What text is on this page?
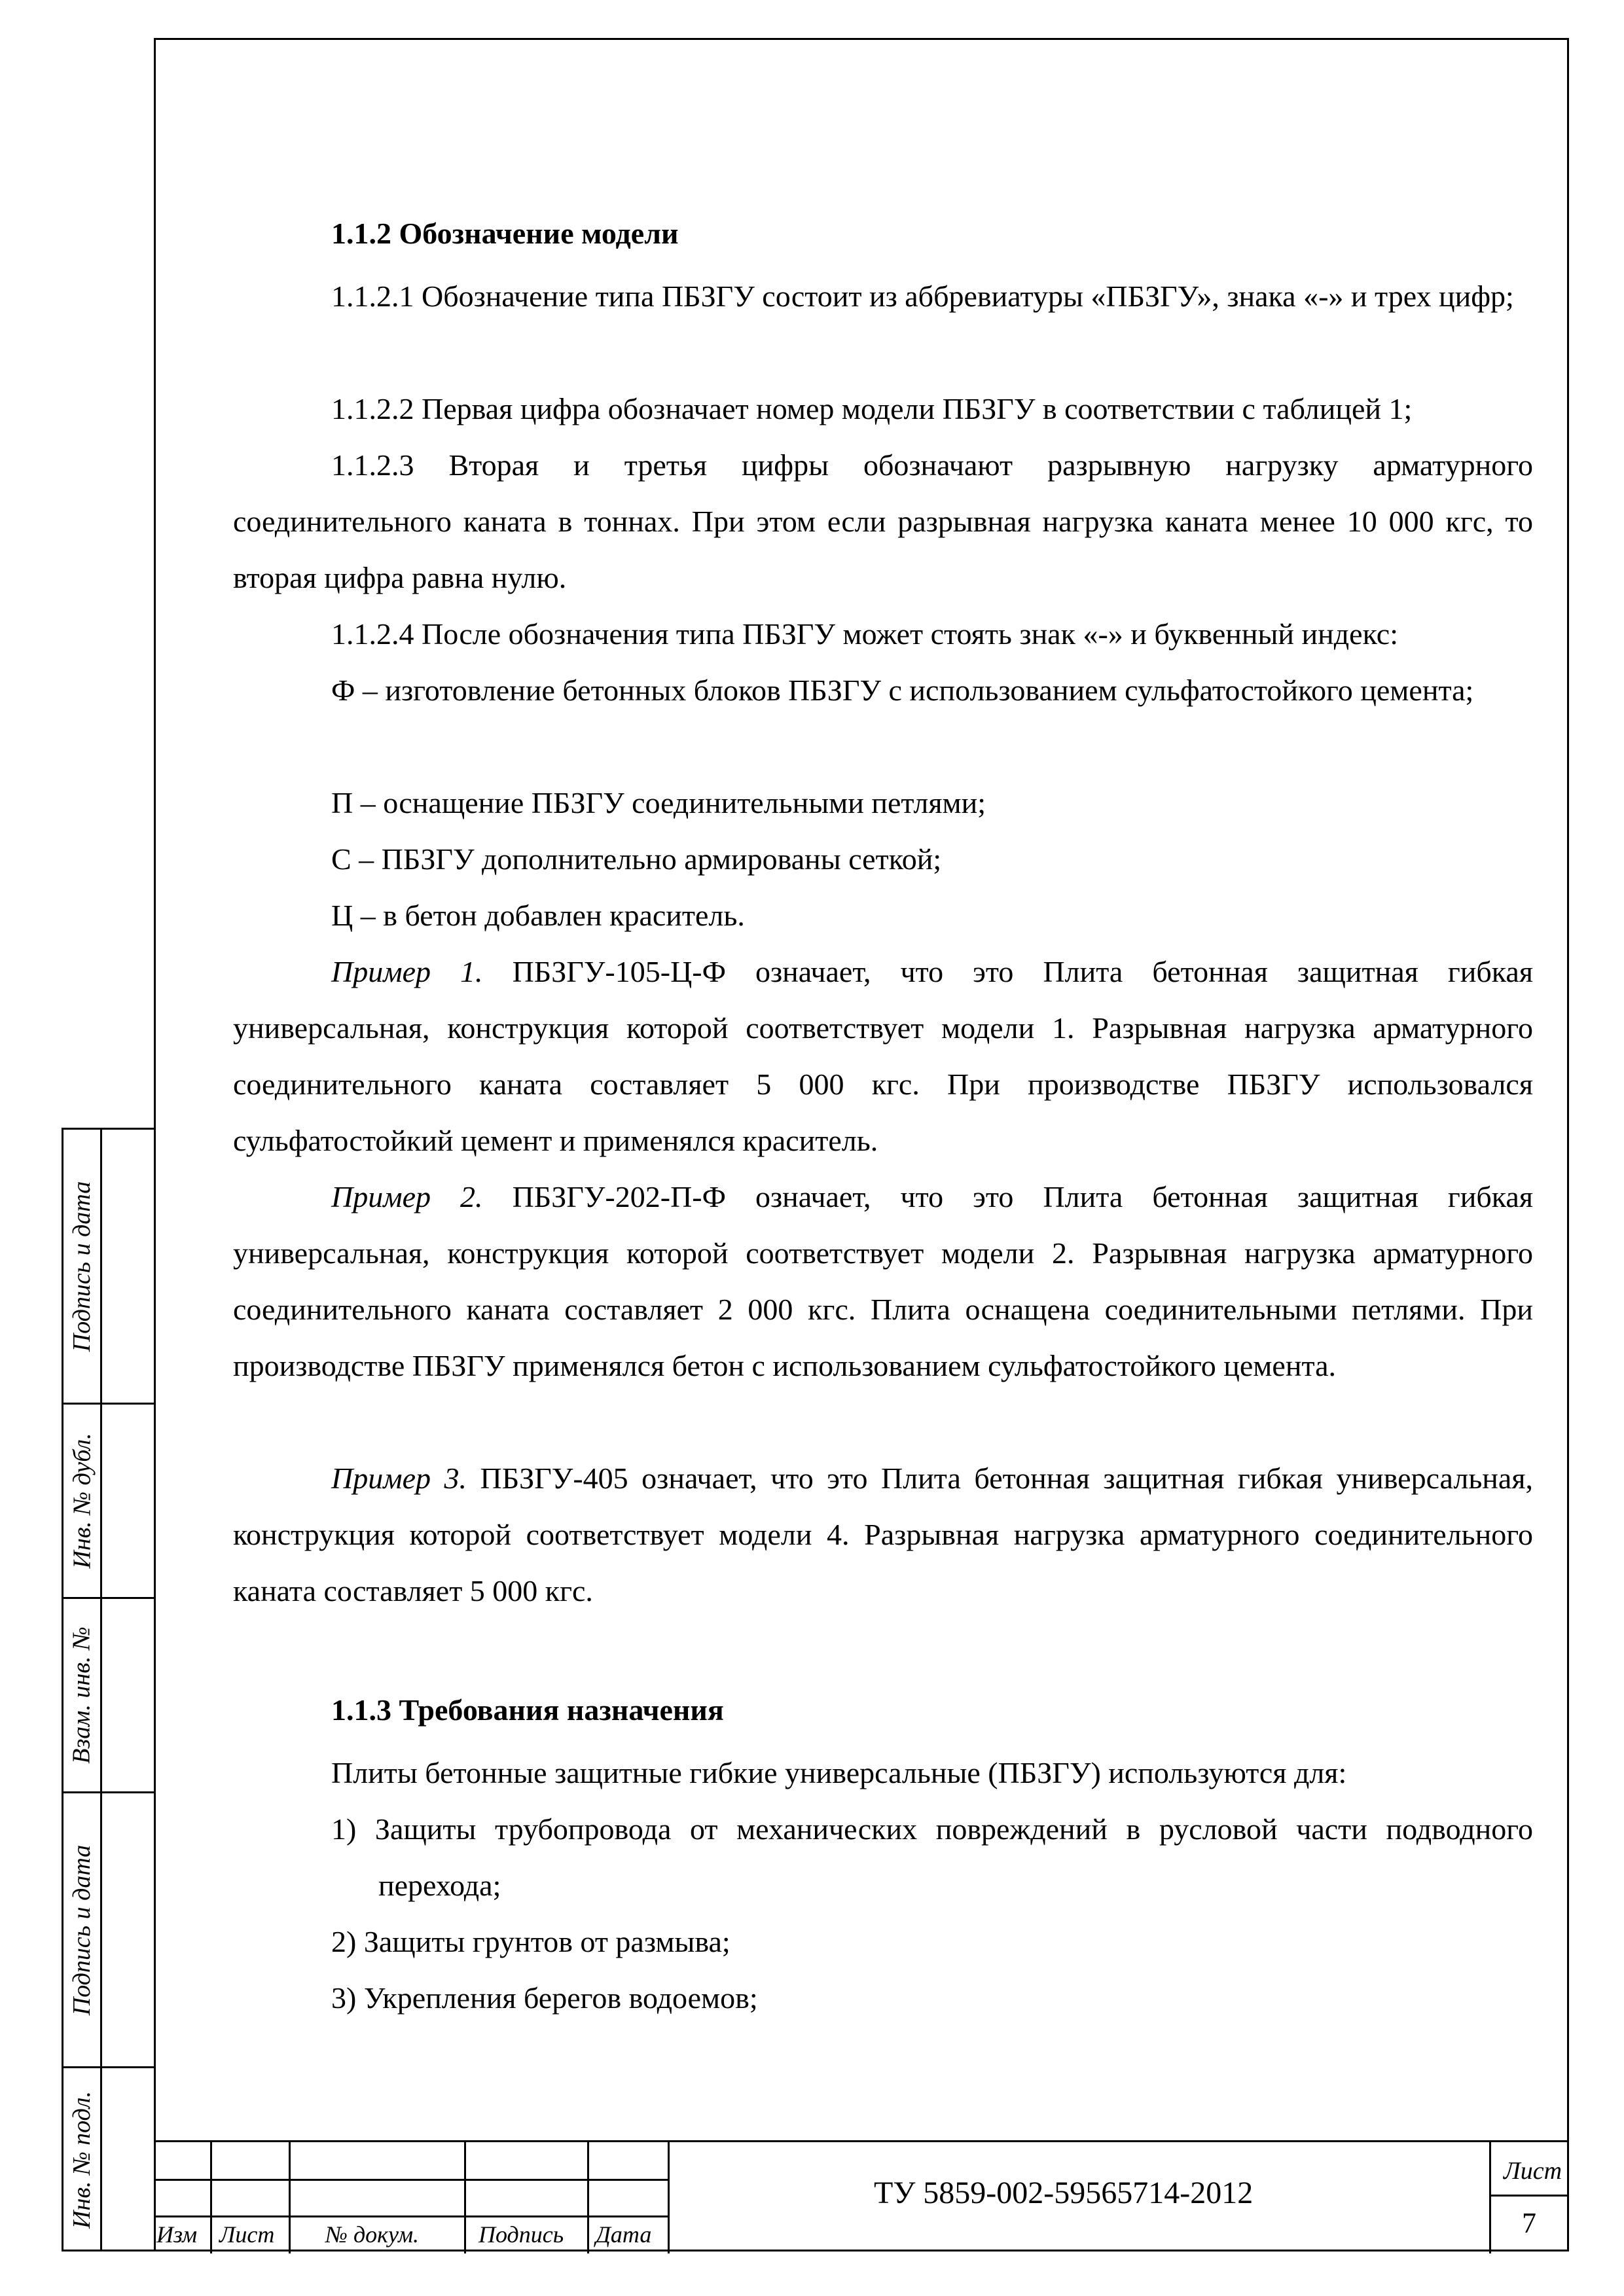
Подпись и дата
Инв. № дубл.
Взам. инв. №
Подпись и дата
Инв. № подл.
1.1.2 Обозначение модели

1.1.2.1 Обозначение типа ПБЗГУ состоит из аббревиатуры «ПБЗГУ», знака «-» и трех цифр;

1.1.2.2 Первая цифра обозначает номер модели ПБЗГУ в соответствии с таблицей 1;

1.1.2.3 Вторая и третья цифры обозначают разрывную нагрузку арматурного соединительного каната в тоннах. При этом если разрывная нагрузка каната менее 10 000 кгс, то вторая цифра равна нулю.

1.1.2.4 После обозначения типа ПБЗГУ может стоять знак «-» и буквенный индекс:

Ф – изготовление бетонных блоков ПБЗГУ с использованием сульфатостойкого цемента;

П – оснащение ПБЗГУ соединительными петлями;

С – ПБЗГУ дополнительно армированы сеткой;

Ц – в бетон добавлен краситель.

Пример 1. ПБЗГУ-105-Ц-Ф означает, что это Плита бетонная защитная гибкая универсальная, конструкция которой соответствует модели 1. Разрывная нагрузка арматурного соединительного каната составляет 5 000 кгс. При производстве ПБЗГУ использовался сульфатостойкий цемент и применялся краситель.

Пример 2. ПБЗГУ-202-П-Ф означает, что это Плита бетонная защитная гибкая универсальная, конструкция которой соответствует модели 2. Разрывная нагрузка арматурного соединительного каната составляет 2 000 кгс. Плита оснащена соединительными петлями. При производстве ПБЗГУ применялся бетон с использованием сульфатостойкого цемента.

Пример 3. ПБЗГУ-405 означает, что это Плита бетонная защитная гибкая универсальная, конструкция которой соответствует модели 4. Разрывная нагрузка арматурного соединительного каната составляет 5 000 кгс.

1.1.3 Требования назначения

Плиты бетонные защитные гибкие универсальные (ПБЗГУ) используются для:

1) Защиты трубопровода от механических повреждений в русловой части подводного перехода;

2) Защиты грунтов от размыва;

3) Укрепления берегов водоемов;

Изм Лист № докум.	Подпись Дата
ТУ 5859-002-59565714-2012
Лист
7
